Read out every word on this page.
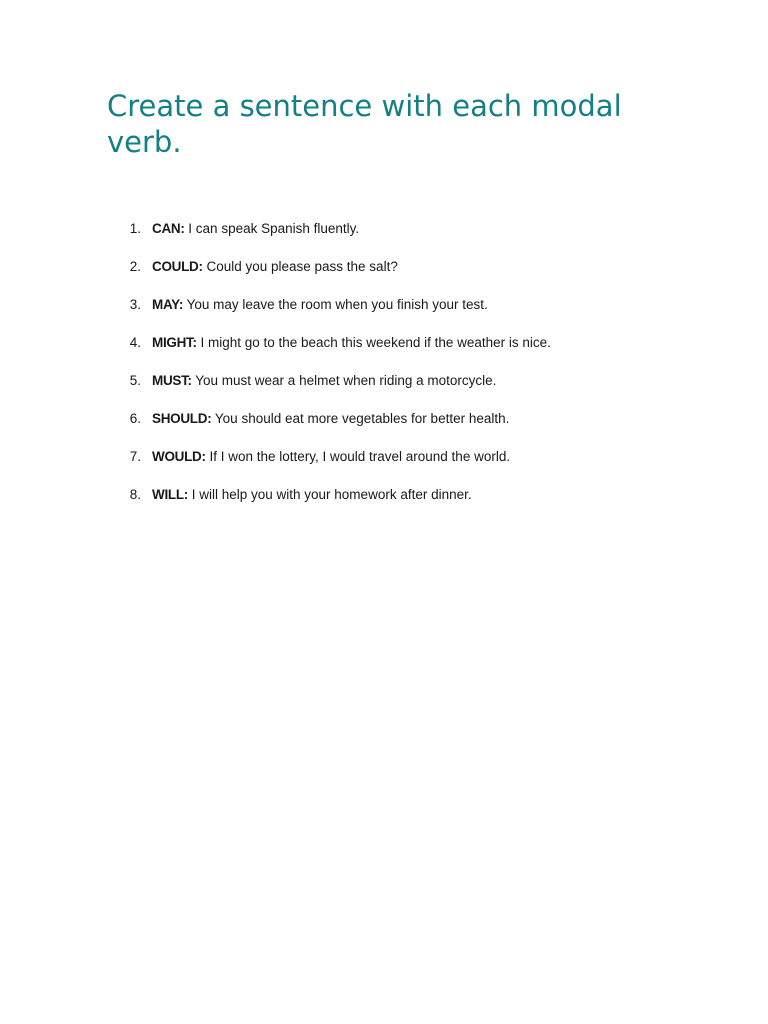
Create a sentence with each modal verb.
1. CAN: I can speak Spanish fluently.
2. COULD: Could you please pass the salt?
3. MAY: You may leave the room when you finish your test.
4. MIGHT: I might go to the beach this weekend if the weather is nice.
5. MUST: You must wear a helmet when riding a motorcycle.
6. SHOULD: You should eat more vegetables for better health.
7. WOULD: If I won the lottery, I would travel around the world.
8. WILL: I will help you with your homework after dinner.
